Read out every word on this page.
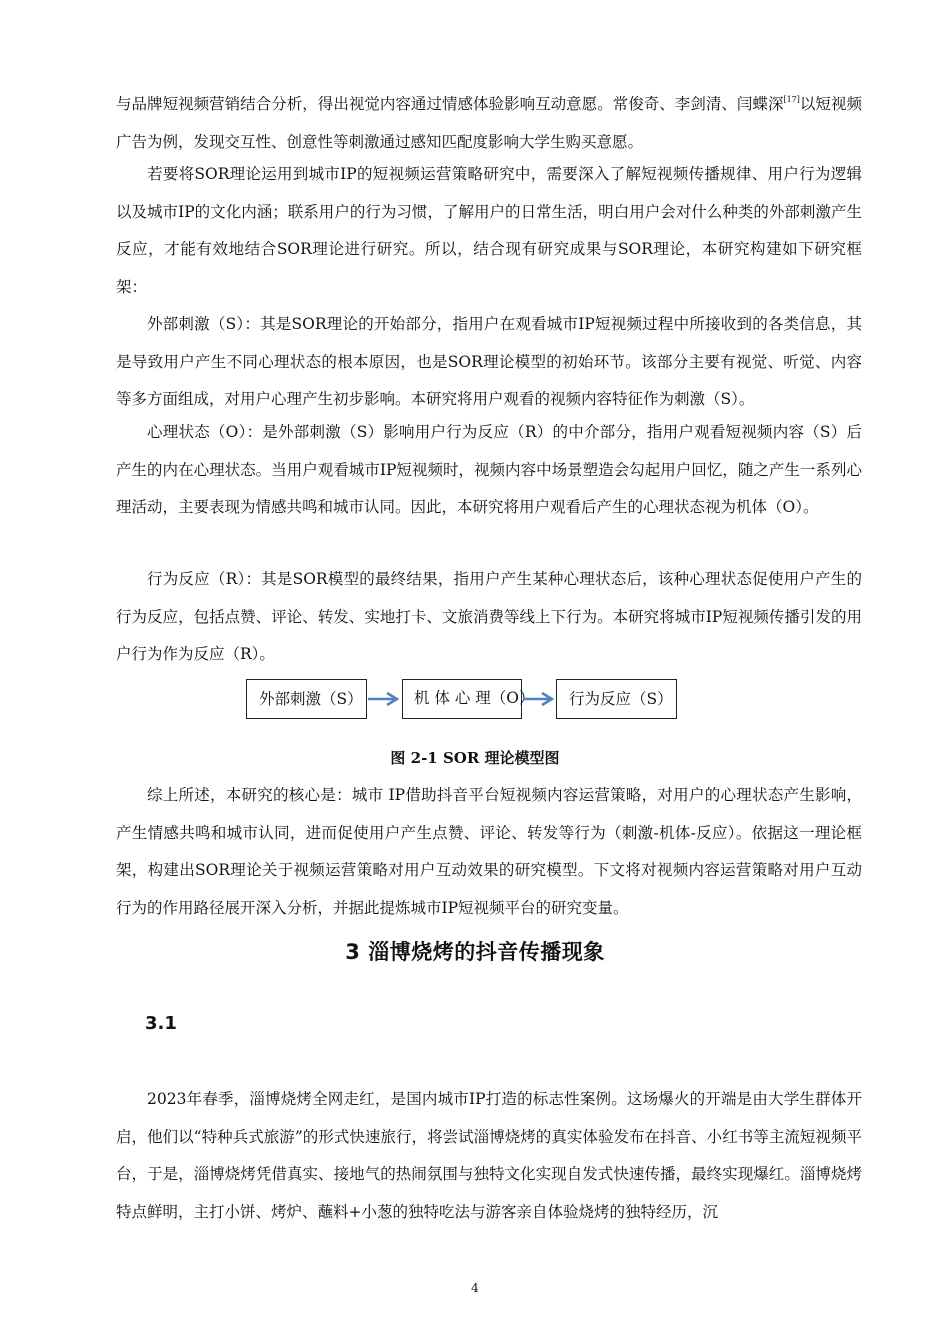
与品牌短视频营销结合分析，得出视觉内容通过情感体验影响互动意愿。常俊奇、李剑清、闫蝶深[17]以短视频广告为例，发现交互性、创意性等刺激通过感知匹配度影响大学生购买意愿。

若要将SOR理论运用到城市IP的短视频运营策略研究中，需要深入了解短视频传播规律、用户行为逻辑以及城市IP的文化内涵；联系用户的行为习惯，了解用户的日常生活，明白用户会对什么种类的外部刺激产生反应，才能有效地结合SOR理论进行研究。所以，结合现有研究成果与SOR理论，本研究构建如下研究框架：

外部刺激（S）：其是SOR理论的开始部分，指用户在观看城市IP短视频过程中所接收到的各类信息，其是导致用户产生不同心理状态的根本原因，也是SOR理论模型的初始环节。该部分主要有视觉、听觉、内容等多方面组成，对用户心理产生初步影响。本研究将用户观看的视频内容特征作为刺激（S）。

心理状态（O）：是外部刺激（S）影响用户行为反应（R）的中介部分，指用户观看短视频内容（S）后产生的内在心理状态。当用户观看城市IP短视频时，视频内容中场景塑造会勾起用户回忆，随之产生一系列心理活动，主要表现为情感共鸣和城市认同。因此，本研究将用户观看后产生的心理状态视为机体（O）。

行为反应（R）：其是SOR模型的最终结果，指用户产生某种心理状态后，该种心理状态促使用户产生的行为反应，包括点赞、评论、转发、实地打卡、文旅消费等线上下行为。本研究将城市IP短视频传播引发的用户行为作为反应（R）。

外部刺激（S）	机 体 心 理（O）	行为反应（S）
图 2-1 SOR 理论模型图

综上所述，本研究的核心是：城市 IP借助抖音平台短视频内容运营策略，对用户的心理状态产生影响，产生情感共鸣和城市认同，进而促使用户产生点赞、评论、转发等行为（刺激-机体-反应）。依据这一理论框架，构建出SOR理论关于视频运营策略对用户互动效果的研究模型。下文将对视频内容运营策略对用户互动行为的作用路径展开深入分析，并据此提炼城市IP短视频平台的研究变量。

3 淄博烧烤的抖音传播现象
3.1

2023年春季，淄博烧烤全网走红，是国内城市IP打造的标志性案例。这场爆火的开端是由大学生群体开启，他们以“特种兵式旅游”的形式快速旅行，将尝试淄博烧烤的真实体验发布在抖音、小红书等主流短视频平台，于是，淄博烧烤凭借真实、接地气的热闹氛围与独特文化实现自发式快速传播，最终实现爆红。淄博烧烤特点鲜明，主打小饼、烤炉、蘸料+小葱的独特吃法与游客亲自体验烧烤的独特经历，沉

4
